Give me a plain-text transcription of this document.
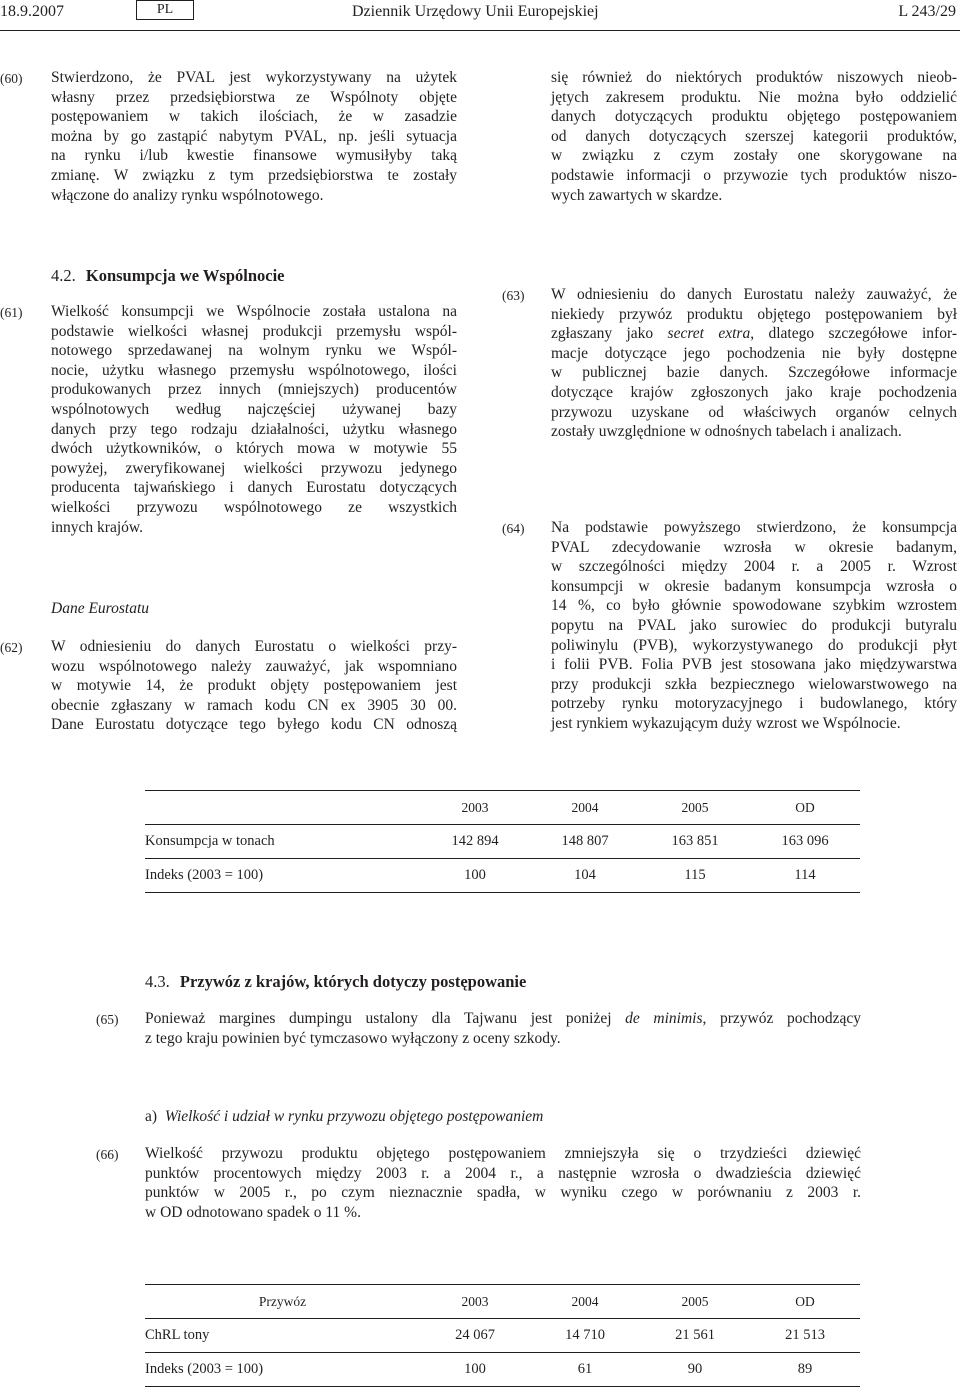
18.9.2007	PL	Dziennik Urzędowy Unii Europejskiej	L 243/29
(60) Stwierdzono, że PVAL jest wykorzystywany na użytek
własny przez przedsiębiorstwa ze Wspólnoty objęte
postępowaniem w takich ilościach, że w zasadzie
można by go zastąpić nabytym PVAL, np. jeśli sytuacja
na rynku i/lub kwestie finansowe wymusiłyby taką
zmianę. W związku z tym przedsiębiorstwa te zostały
włączone do analizy rynku wspólnotowego.
się również do niektórych produktów niszowych nieob-
jętych zakresem produktu. Nie można było oddzielić
danych dotyczących produktu objętego postępowaniem
od danych dotyczących szerszej kategorii produktów,
w związku z czym zostały one skorygowane na
podstawie informacji o przywozie tych produktów niszo-
wych zawartych w skardze.
4.2. Konsumpcja we Wspólnocie
(61) Wielkość konsumpcji we Wspólnocie została ustalona na
podstawie wielkości własnej produkcji przemysłu wspól-
notowego sprzedawanej na wolnym rynku we Wspól-
nocie, użytku własnego przemysłu wspólnotowego, ilości
produkowanych przez innych (mniejszych) producentów
wspólnotowych według najczęściej używanej bazy
danych przy tego rodzaju działalności, użytku własnego
dwóch użytkowników, o których mowa w motywie 55
powyżej, zweryfikowanej wielkości przywozu jedynego
producenta tajwańskiego i danych Eurostatu dotyczących
wielkości przywozu wspólnotowego ze wszystkich
innych krajów.
Dane Eurostatu
(62) W odniesieniu do danych Eurostatu o wielkości przy-
wozu wspólnotowego należy zauważyć, jak wspomniano
w motywie 14, że produkt objęty postępowaniem jest
obecnie zgłaszany w ramach kodu CN ex 3905 30 00.
Dane Eurostatu dotyczące tego byłego kodu CN odnoszą
(63) W odniesieniu do danych Eurostatu należy zauważyć, że
niekiedy przywóz produktu objętego postępowaniem był
zgłaszany jako secret extra, dlatego szczegółowe infor-
macje dotyczące jego pochodzenia nie były dostępne
w publicznej bazie danych. Szczegółowe informacje
dotyczące krajów zgłoszonych jako kraje pochodzenia
przywozu uzyskane od właściwych organów celnych
zostały uwzględnione w odnośnych tabelach i analizach.
(64) Na podstawie powyższego stwierdzono, że konsumpcja
PVAL zdecydowanie wzrosła w okresie badanym,
w szczególności między 2004 r. a 2005 r. Wzrost
konsumpcji w okresie badanym konsumpcja wzrosła o
14 %, co było głównie spowodowane szybkim wzrostem
popytu na PVAL jako surowiec do produkcji butyralu
poliwinylu (PVB), wykorzystywanego do produkcji płyt
i folii PVB. Folia PVB jest stosowana jako międzywarstwa
przy produkcji szkła bezpiecznego wielowarstwowego na
potrzeby rynku motoryzacyjnego i budowlanego, który
jest rynkiem wykazującym duży wzrost we Wspólnocie.
	2003	2004	2005	OD
Konsumpcja w tonach	142 894	148 807	163 851	163 096
Indeks (2003 = 100)	100	104	115	114
4.3. Przywóz z krajów, których dotyczy postępowanie
(65) Ponieważ margines dumpingu ustalony dla Tajwanu jest poniżej de minimis, przywóz pochodzący
z tego kraju powinien być tymczasowo wyłączony z oceny szkody.
a) Wielkość i udział w rynku przywozu objętego postępowaniem
(66) Wielkość przywozu produktu objętego postępowaniem zmniejszyła się o trzydzieści dziewięć
punktów procentowych między 2003 r. a 2004 r., a następnie wzrosła o dwadzieścia dziewięć
punktów w 2005 r., po czym nieznacznie spadła, w wyniku czego w porównaniu z 2003 r.
w OD odnotowano spadek o 11 %.
Przywóz	2003	2004	2005	OD
ChRL tony	24 067	14 710	21 561	21 513
Indeks (2003 = 100)	100	61	90	89
